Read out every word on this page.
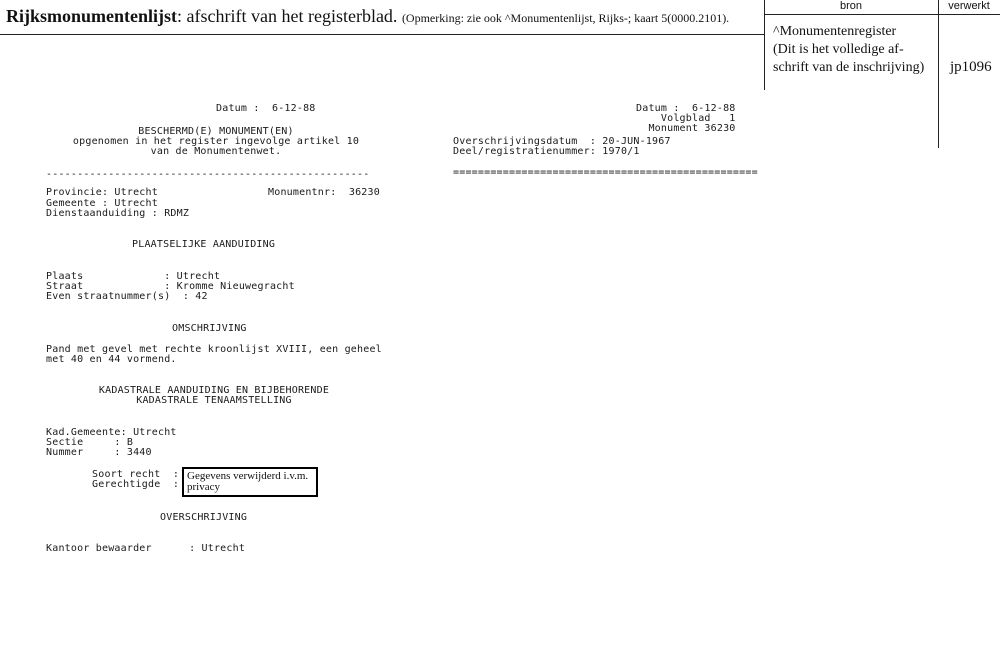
Rijksmonumentenlijst: afschrift van het registerblad. (Opmerking: zie ook ^Monumentenlijst, Rijks-; kaart 5(0000.2101).
bron	verwerkt
^Monumentenregister
(Dit is het volledige af-
schrift van de inschrijving) jp1096
Datum :  6-12-88
BESCHERMD(E) MONUMENT(EN)
opgenomen in het register ingevolge artikel 10
van de Monumentenwet.
----------------------------------------------------
Provincie: Utrecht	Monumentnr:  36230
Gemeente : Utrecht
Dienstaanduiding : RDMZ
PLAATSELIJKE AANDUIDING
Plaats             : Utrecht
Straat             : Kromme Nieuwegracht
Even straatnummer(s)  : 42
OMSCHRIJVING
Pand met gevel met rechte kroonlijst XVIII, een geheel
met 40 en 44 vormend.
KADASTRALE AANDUIDING EN BIJBEHORENDE
KADASTRALE TENAAMSTELLING
Kad.Gemeente: Utrecht
Sectie     : B
Nummer     : 3440
Soort recht  :
Gerechtigde  :
Gegevens verwijderd i.v.m.
privacy
OVERSCHRIJVING
Kantoor bewaarder      : Utrecht
Datum :  6-12-88
Volgblad   1
Monument 36230
Overschrijvingsdatum  : 20-JUN-1967
Deel/registratienummer: 1970/1
=================================================
